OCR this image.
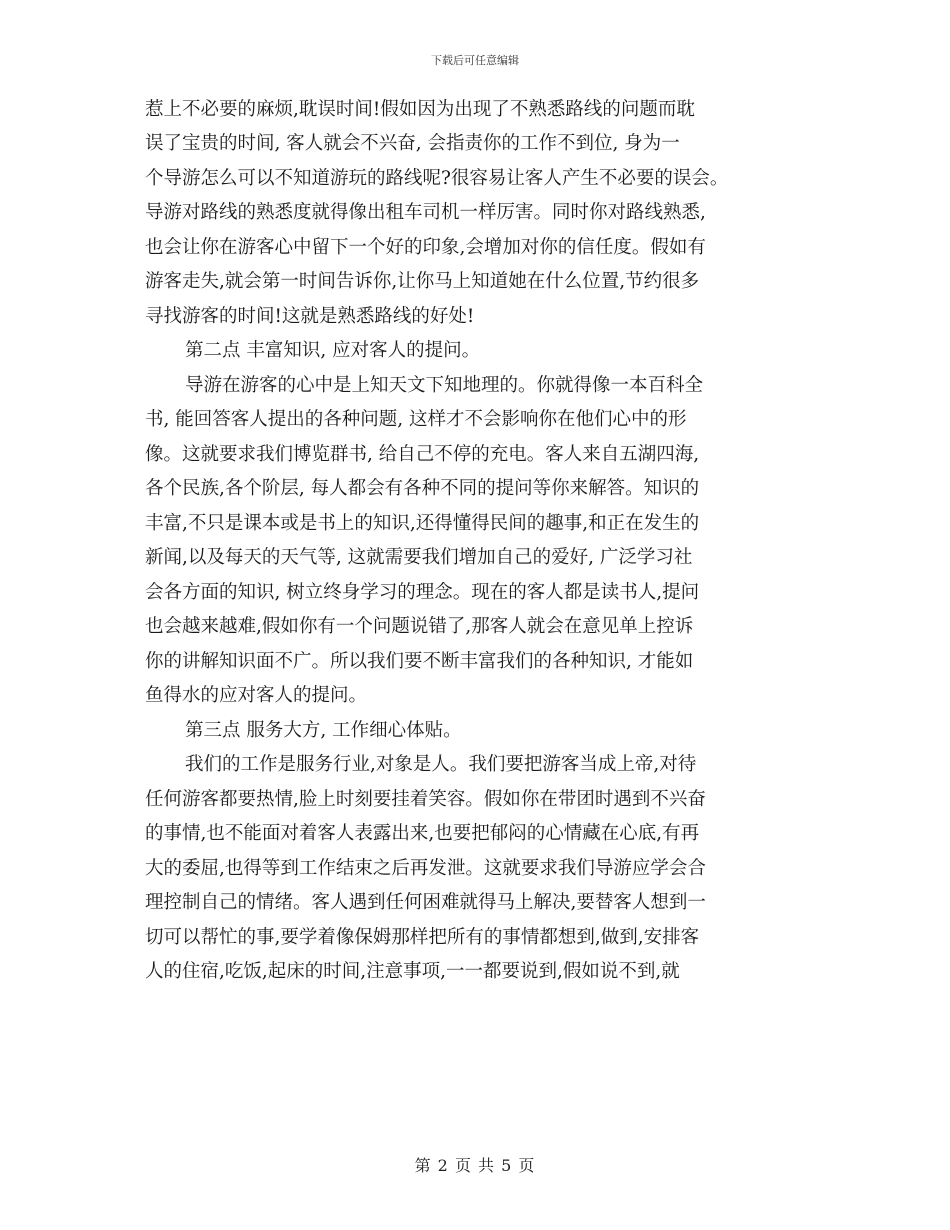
下载后可任意编辑
惹上不必要的麻烦,耽误时间!假如因为出现了不熟悉路线的问题而耽
误了宝贵的时间, 客人就会不兴奋, 会指责你的工作不到位, 身为一
个导游怎么可以不知道游玩的路线呢?很容易让客人产生不必要的误会。
导游对路线的熟悉度就得像出租车司机一样厉害。同时你对路线熟悉,
也会让你在游客心中留下一个好的印象,会增加对你的信任度。假如有
游客走失,就会第一时间告诉你,让你马上知道她在什么位置,节约很多
寻找游客的时间!这就是熟悉路线的好处!
第二点 丰富知识, 应对客人的提问。
导游在游客的心中是上知天文下知地理的。你就得像一本百科全
书, 能回答客人提出的各种问题, 这样才不会影响你在他们心中的形
像。这就要求我们博览群书, 给自己不停的充电。客人来自五湖四海,
各个民族,各个阶层, 每人都会有各种不同的提问等你来解答。知识的
丰富,不只是课本或是书上的知识,还得懂得民间的趣事,和正在发生的
新闻,以及每天的天气等, 这就需要我们增加自己的爱好, 广泛学习社
会各方面的知识, 树立终身学习的理念。现在的客人都是读书人,提问
也会越来越难,假如你有一个问题说错了,那客人就会在意见单上控诉
你的讲解知识面不广。所以我们要不断丰富我们的各种知识, 才能如
鱼得水的应对客人的提问。
第三点 服务大方, 工作细心体贴。
我们的工作是服务行业,对象是人。我们要把游客当成上帝,对待
任何游客都要热情,脸上时刻要挂着笑容。假如你在带团时遇到不兴奋
的事情,也不能面对着客人表露出来,也要把郁闷的心情藏在心底,有再
大的委屈,也得等到工作结束之后再发泄。这就要求我们导游应学会合
理控制自己的情绪。客人遇到任何困难就得马上解决,要替客人想到一
切可以帮忙的事,要学着像保姆那样把所有的事情都想到,做到,安排客
人的住宿,吃饭,起床的时间,注意事项,一一都要说到,假如说不到,就
第 2 页 共 5 页
